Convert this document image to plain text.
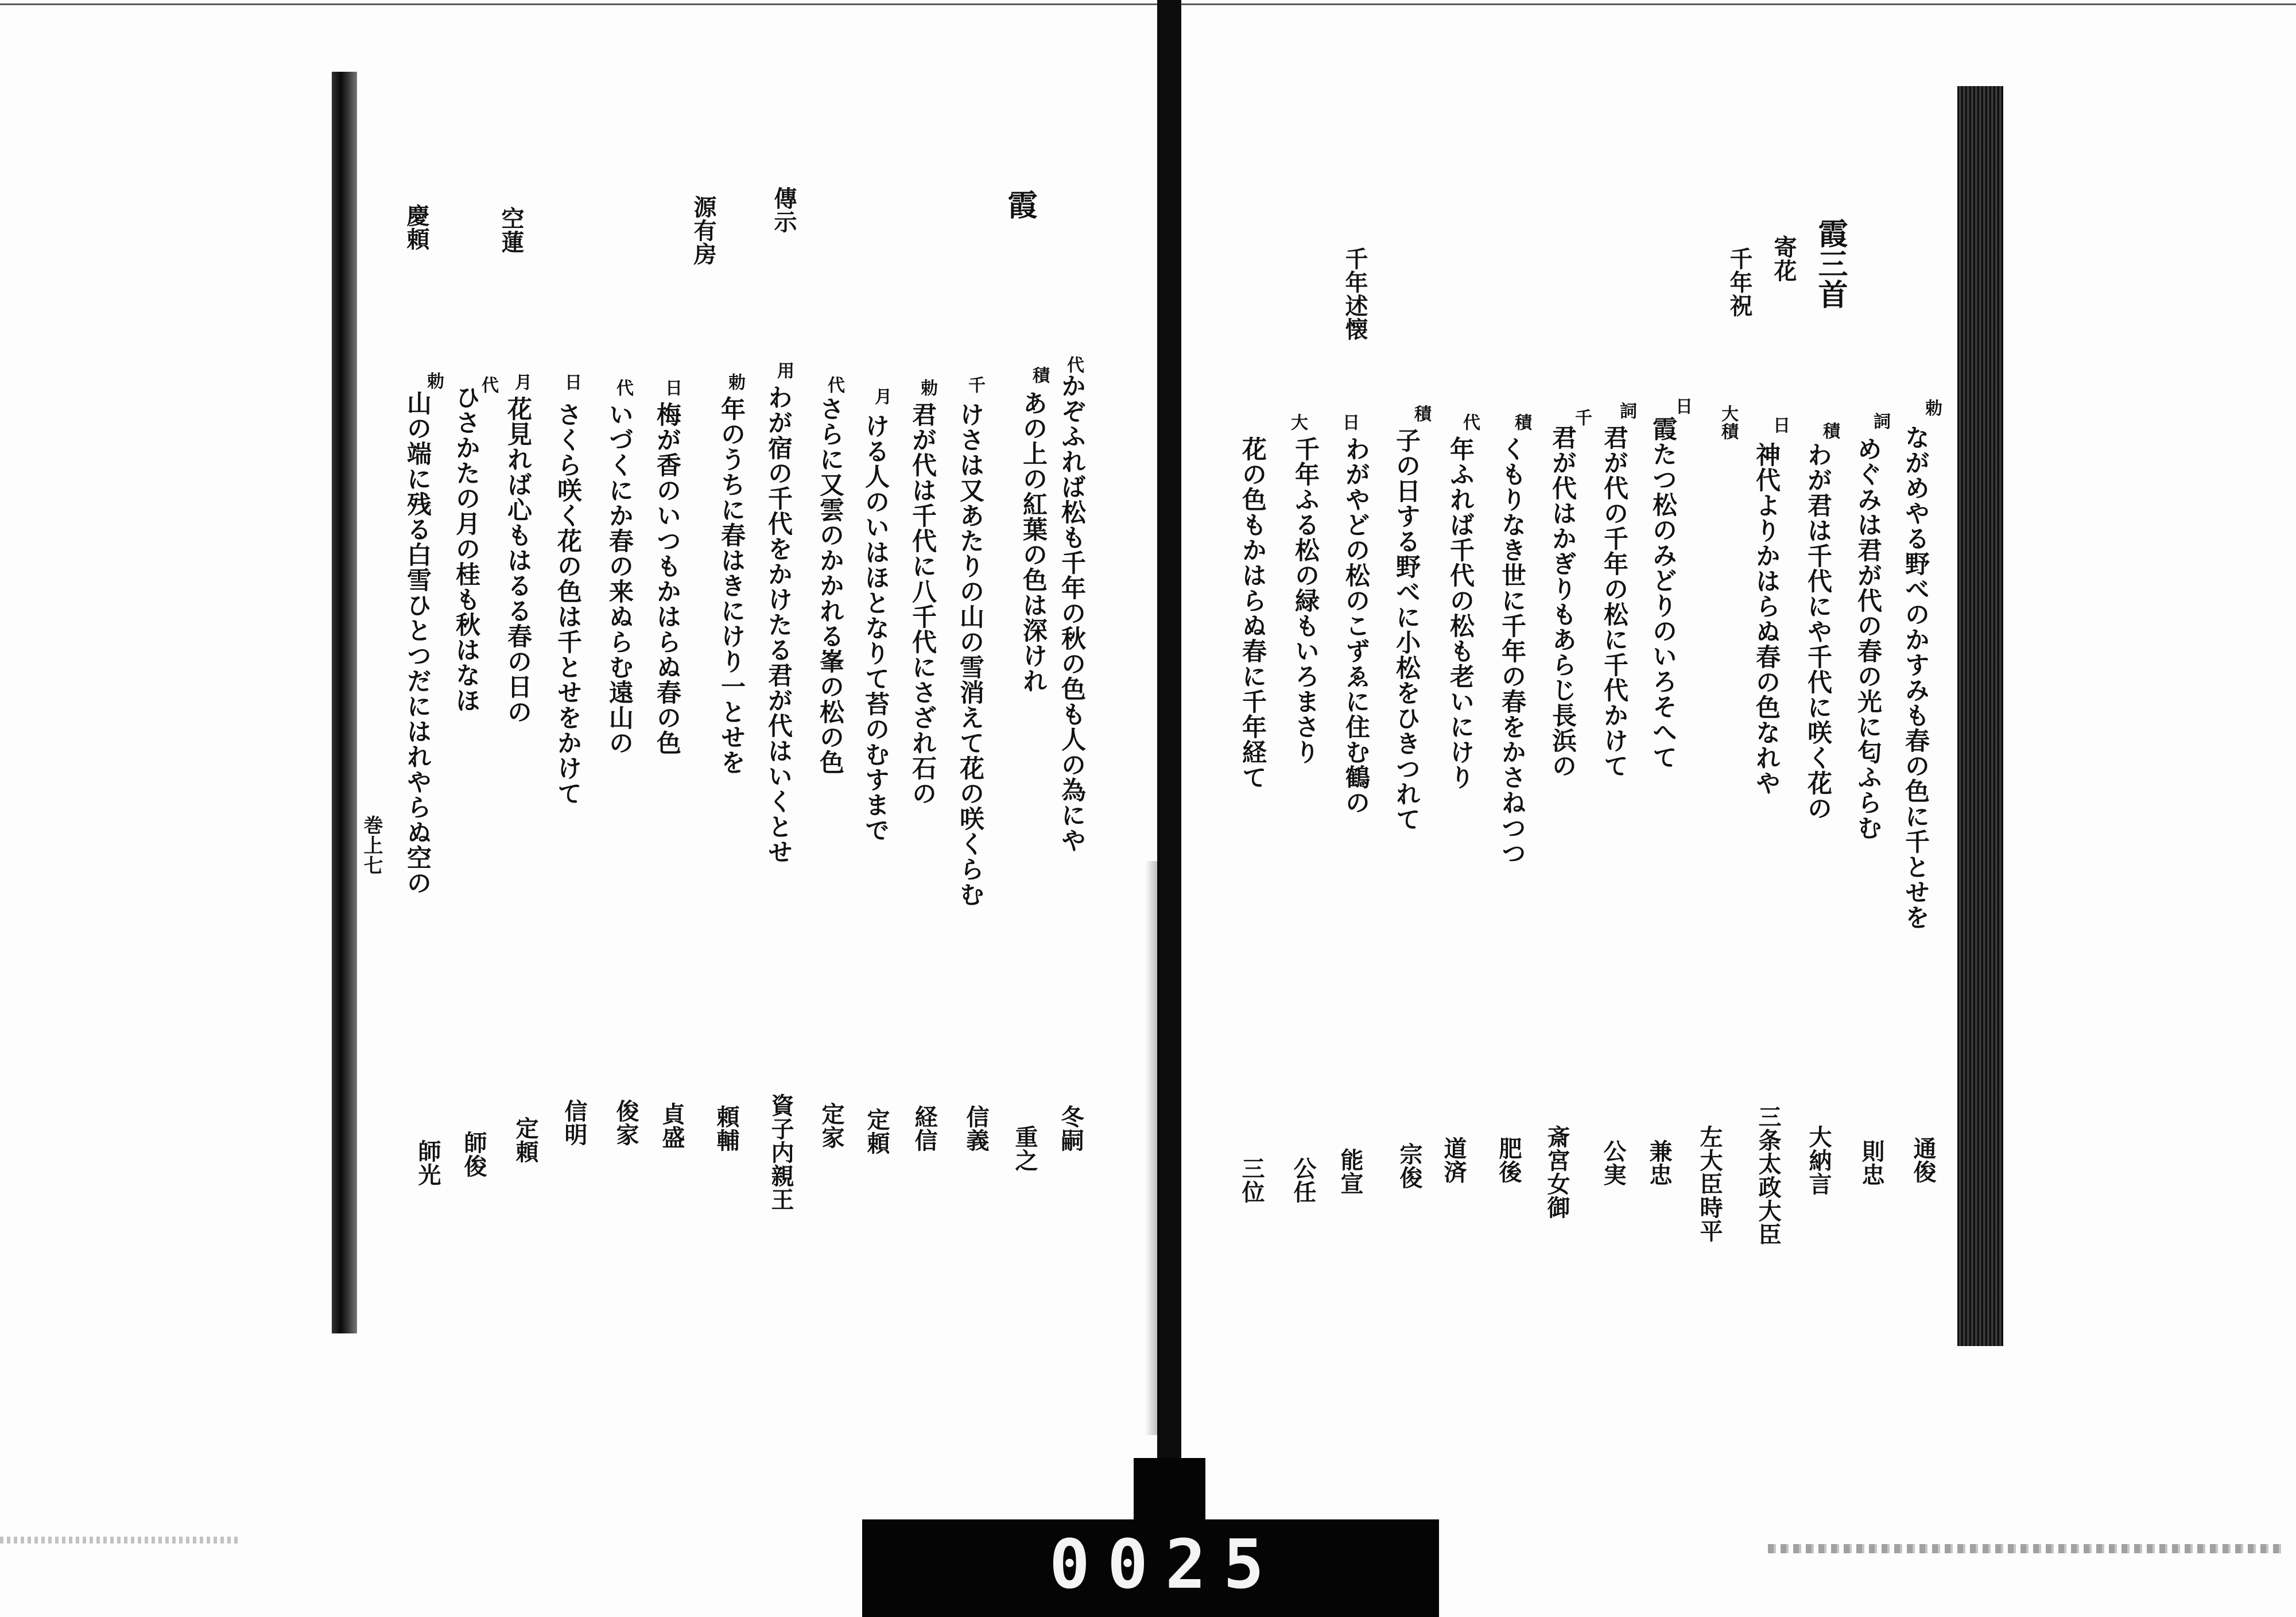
霞
傳示
源有房
空蓮
慶頼
かぞふれば松も千年の秋の色も人の為にや
あの上の紅葉の色は深けれ
けさは又あたりの山の雪消えて花の咲くらむ
君が代は千代に八千代にさざれ石の
ける人のいはほとなりて苔のむすまで
さらに又雲のかかれる峯の松の色
わが宿の千代をかけたる君が代はいくとせ
年のうちに春はきにけり一とせを
梅が香のいつもかはらぬ春の色
いづくにか春の来ぬらむ遠山の
さくら咲く花の色は千とせをかけて
花見れば心もはるる春の日の
ひさかたの月の桂も秋はなほ
山の端に残る白雪ひとつだにはれやらぬ空の
代
積
千
勅
月
代
用
勅
日
代
日
月
代
勅
巻上七
冬嗣
重之
信義
経信
定頼
定家
資子内親王
頼輔
貞盛
俊家
信明
定頼
師俊
師光
霞三首
寄花
千年祝
千年述懐
ながめやる野べのかすみも春の色に千とせを
めぐみは君が代の春の光に匂ふらむ
わが君は千代にや千代に咲く花の
神代よりかはらぬ春の色なれや
霞たつ松のみどりのいろそへて
君が代の千年の松に千代かけて
君が代はかぎりもあらじ長浜の
くもりなき世に千年の春をかさねつつ
年ふれば千代の松も老いにけり
子の日する野べに小松をひきつれて
わがやどの松のこずゑに住む鶴の
千年ふる松の緑もいろまさり
花の色もかはらぬ春に千年経て
勅
詞
積
日
大積
日
詞
千
積
代
積
日
大
通俊
則忠
大納言
三条太政大臣
左大臣時平
兼忠
公実
斎宮女御
肥後
道済
宗俊
能宣
公任
三位
0025
